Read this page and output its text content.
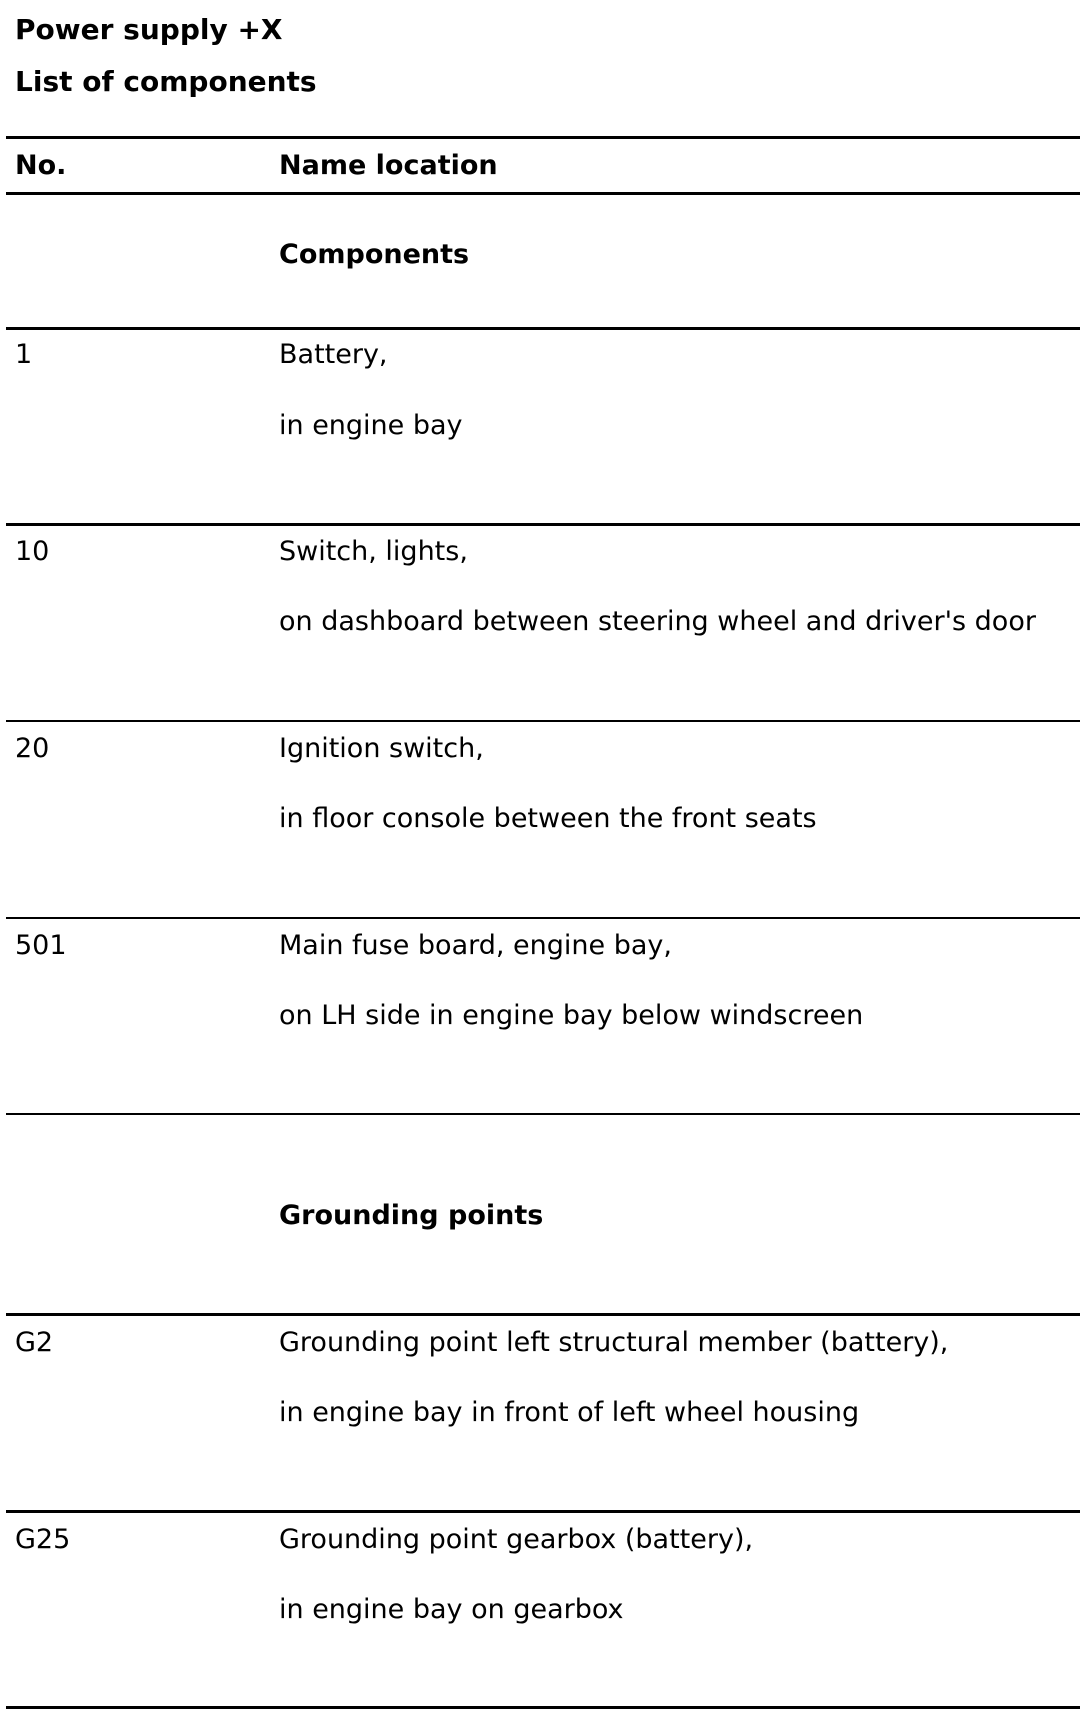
Power supply +X
List of components
No.	Name location
Components
1	Battery,
in engine bay
10	Switch, lights,
on dashboard between steering wheel and driver's door
20	Ignition switch,
in floor console between the front seats
501	Main fuse board, engine bay,
on LH side in engine bay below windscreen
Grounding points
G2	Grounding point left structural member (battery),
in engine bay in front of left wheel housing
G25	Grounding point gearbox (battery),
in engine bay on gearbox
